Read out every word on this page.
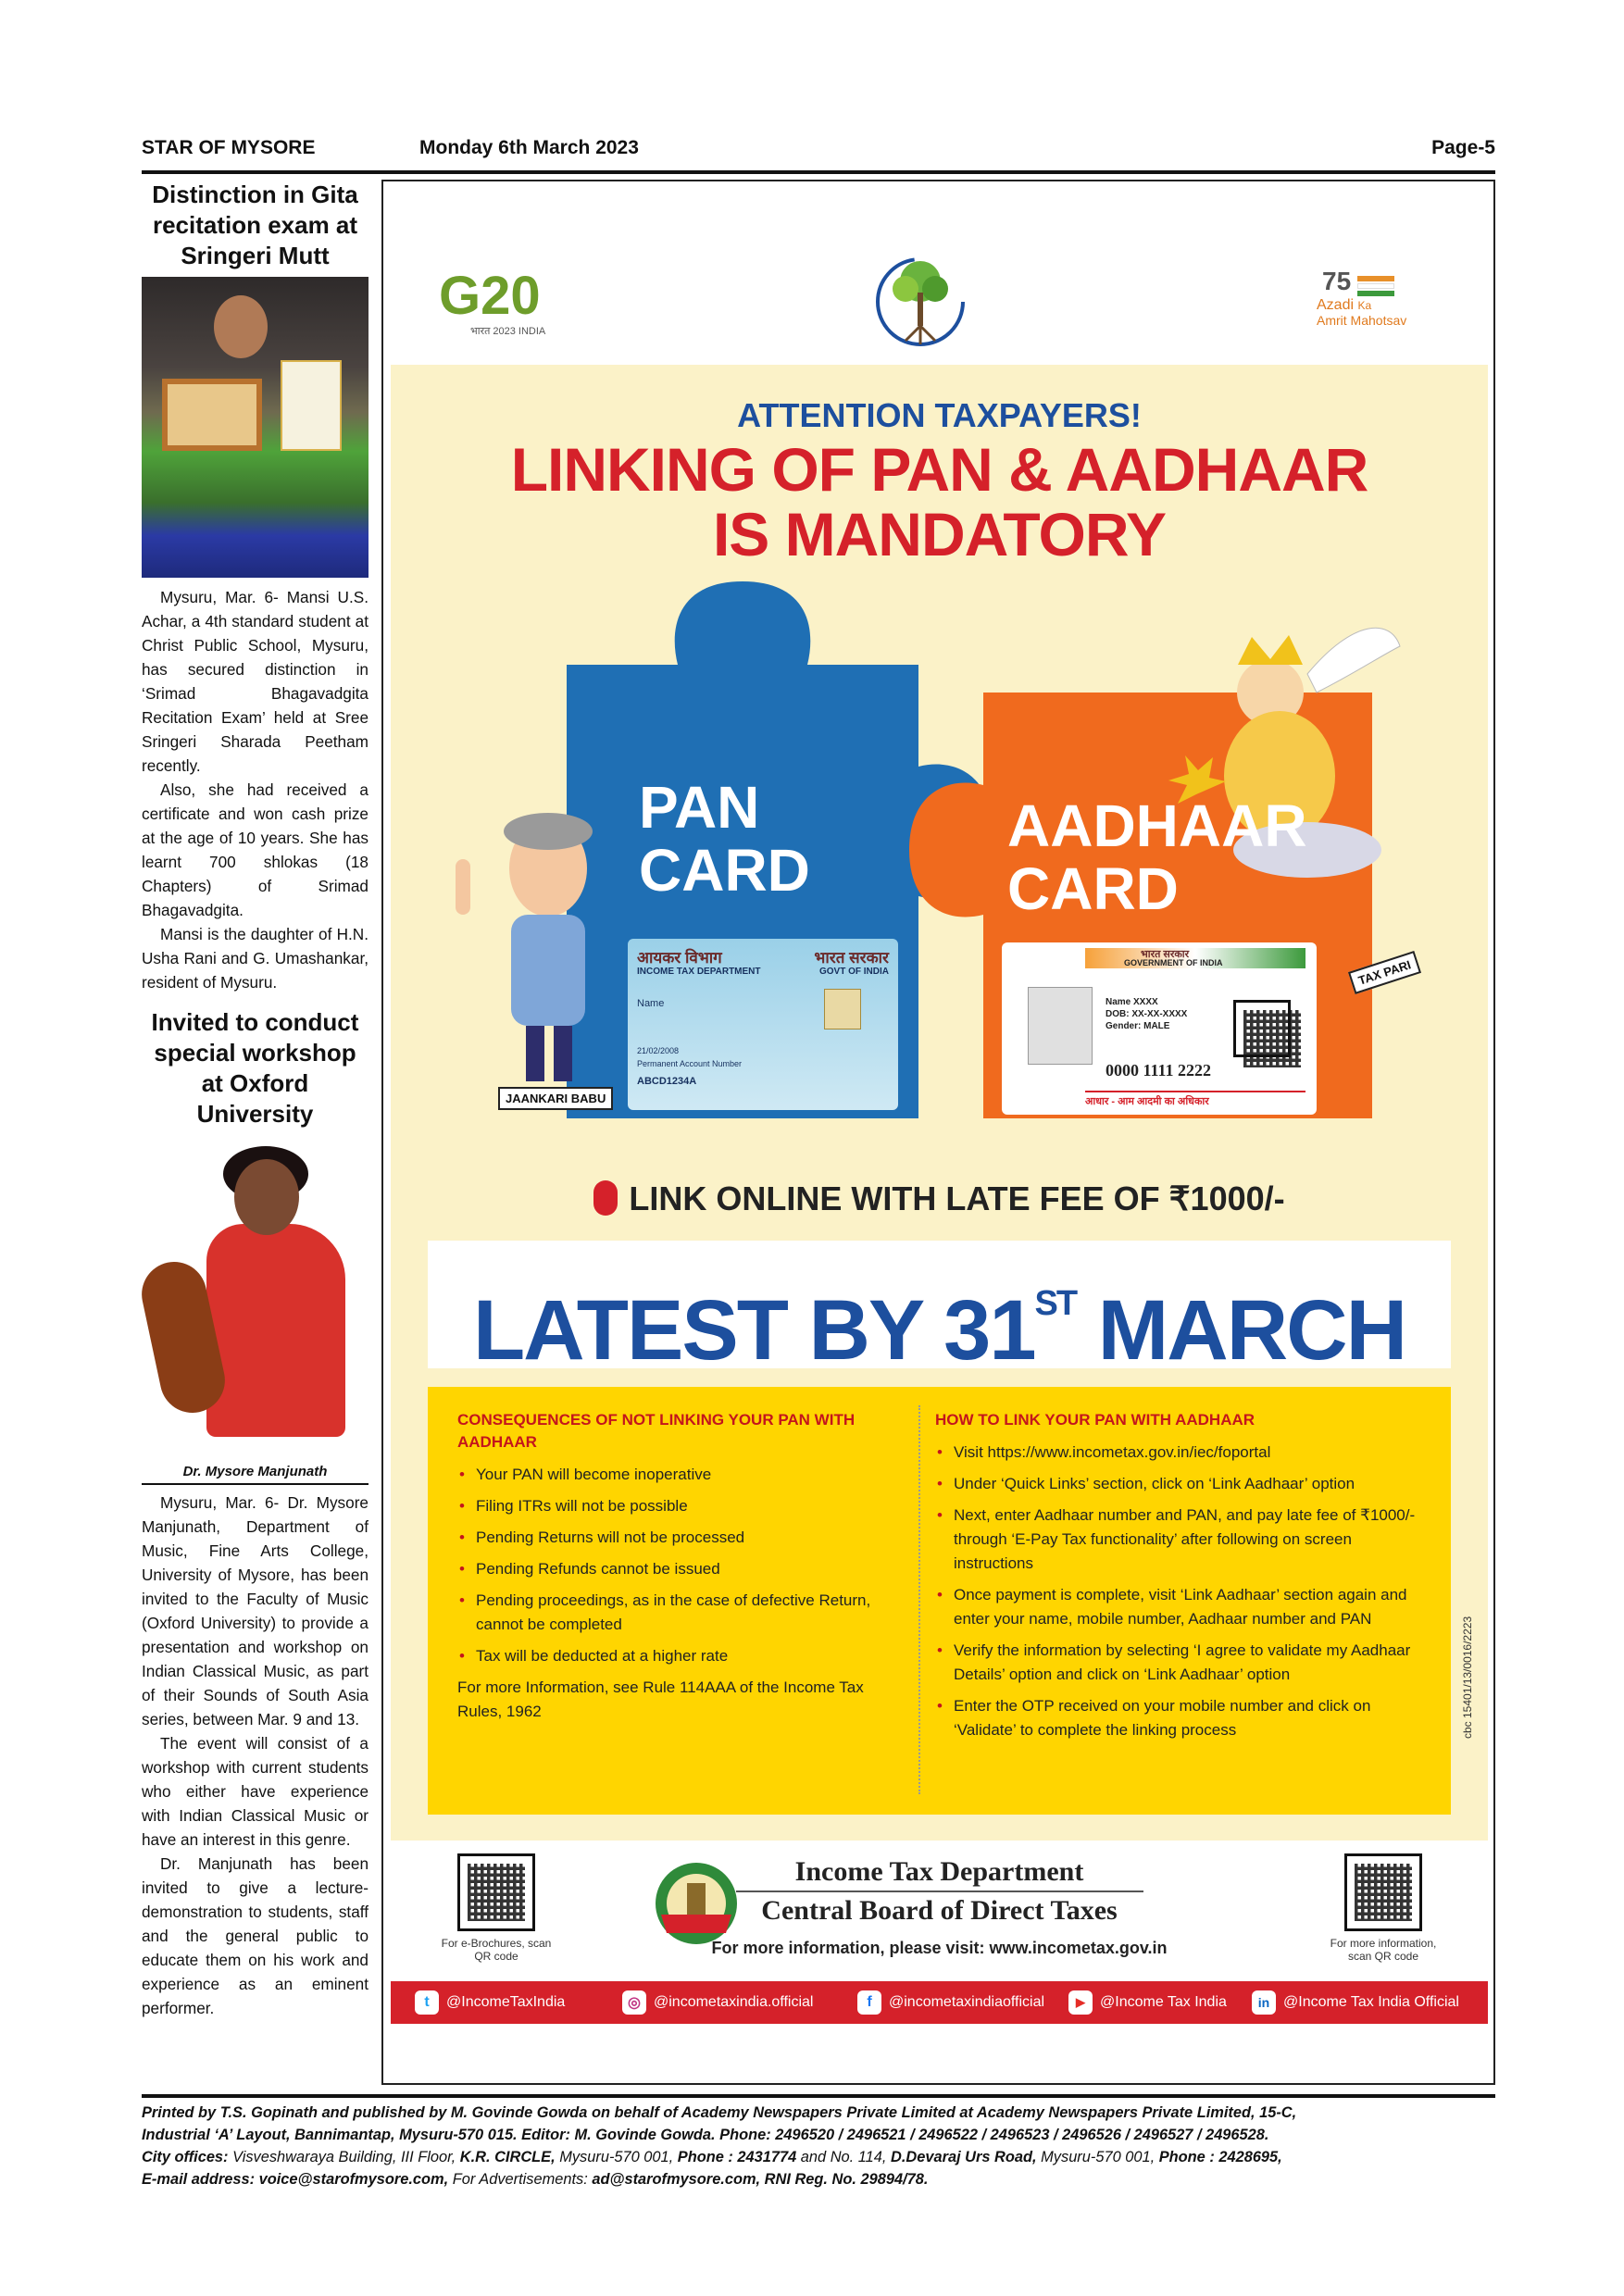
STAR OF MYSORE	Monday 6th March 2023	Page-5
Distinction in Gita recitation exam at Sringeri Mutt

Mysuru, Mar. 6- Mansi U.S. Achar, a 4th standard student at Christ Public School, Mysuru, has secured distinction in ‘Srimad Bhagavadgita Recitation Exam’ held at Sree Sringeri Sharada Peetham recently.

Also, she had received a certificate and won cash prize at the age of 10 years. She has learnt 700 shlokas (18 Chapters) of Srimad Bhagavadgita.

Mansi is the daughter of H.N. Usha Rani and G. Umashankar, resident of Mysuru.

Invited to conduct special workshop at Oxford University
Dr. Mysore Manjunath

Mysuru, Mar. 6- Dr. Mysore Manjunath, Department of Music, Fine Arts College, University of Mysore, has been invited to the Faculty of Music (Oxford University) to provide a presentation and workshop on Indian Classical Music, as part of their Sounds of South Asia series, between Mar. 9 and 13.

The event will consist of a workshop with current students who either have experience with Indian Classical Music or have an interest in this genre.

Dr. Manjunath has been invited to give a lecture-demonstration to students, staff and the general public to educate them on his work and experience as an eminent performer.

G20
भारत 2023 INDIA
75
Azadi Ka
Amrit Mahotsav
ATTENTION TAXPAYERS!
LINKING OF PAN & AADHAAR
IS MANDATORY
PAN
CARD
AADHAAR
CARD
आयकर विभाग
INCOME TAX DEPARTMENT
भारत सरकार
GOVT OF INDIA
Name
21/02/2008
Permanent Account Number
ABCD1234A
भारत सरकार
GOVERNMENT OF INDIA
Name XXXX
DOB: XX-XX-XXXX
Gender: MALE
0000 1111 2222
आधार - आम आदमी का अधिकार
JAANKARI BABU
TAX PARI
LINK ONLINE WITH LATE FEE OF ₹1000/-
LATEST BY 31ST MARCH
CONSEQUENCES OF NOT LINKING YOUR PAN WITH AADHAAR
• Your PAN will become inoperative
• Filing ITRs will not be possible
• Pending Returns will not be processed
• Pending Refunds cannot be issued
• Pending proceedings, as in the case of defective Return, cannot be completed
• Tax will be deducted at a higher rate
For more Information, see Rule 114AAA of the Income Tax Rules, 1962
HOW TO LINK YOUR PAN WITH AADHAAR
• Visit https://www.incometax.gov.in/iec/foportal
• Under ‘Quick Links’ section, click on ‘Link Aadhaar’ option
• Next, enter Aadhaar number and PAN, and pay late fee of ₹1000/- through ‘E-Pay Tax functionality’ after following on screen instructions
• Once payment is complete, visit ‘Link Aadhaar’ section again and enter your name, mobile number, Aadhaar number and PAN
• Verify the information by selecting ‘I agree to validate my Aadhaar Details’ option and click on ‘Link Aadhaar’ option
• Enter the OTP received on your mobile number and click on ‘Validate’ to complete the linking process	cbc 15401/13/0016/2223
For e-Brochures, scan QR code
For more information, scan QR code
Income Tax Department
Central Board of Direct Taxes
For more information, please visit: www.incometax.gov.in
t	@IncomeTaxIndia	◎ @incometaxindia.official	f	@incometaxindiaofficial	▶	@Income Tax India	in @Income Tax India Official
Printed by T.S. Gopinath and published by M. Govinde Gowda on behalf of Academy Newspapers Private Limited at Academy Newspapers Private Limited, 15-C,
Industrial ‘A’ Layout, Bannimantap, Mysuru-570 015. Editor: M. Govinde Gowda. Phone: 2496520 / 2496521 / 2496522 / 2496523 / 2496526 / 2496527 / 2496528.
City offices: Visveshwaraya Building, III Floor, K.R. CIRCLE, Mysuru-570 001, Phone : 2431774 and No. 114, D.Devaraj Urs Road, Mysuru-570 001, Phone : 2428695,
E-mail address: voice@starofmysore.com, For Advertisements: ad@starofmysore.com, RNI Reg. No. 29894/78.
